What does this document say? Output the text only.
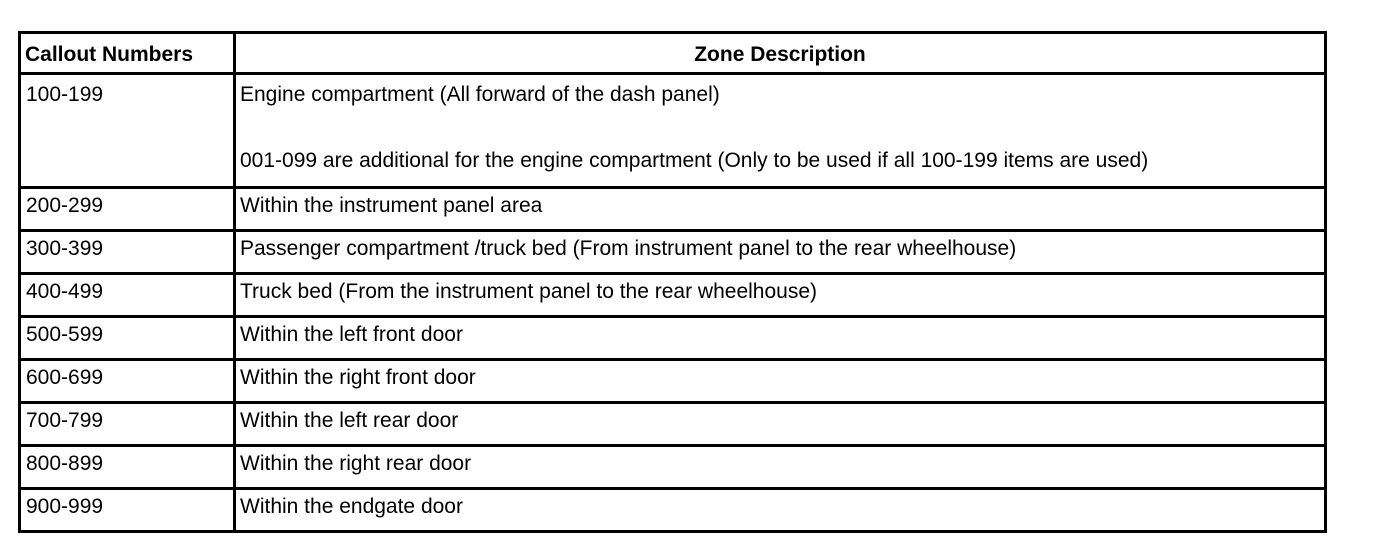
Callout Numbers	Zone Description
100-199	Engine compartment (All forward of the dash panel)
001-099 are additional for the engine compartment (Only to be used if all 100-199 items are used)

200-299	Within the instrument panel area
300-399	Passenger compartment /truck bed (From instrument panel to the rear wheelhouse)
400-499	Truck bed (From the instrument panel to the rear wheelhouse)
500-599	Within the left front door
600-699	Within the right front door
700-799	Within the left rear door
800-899	Within the right rear door
900-999	Within the endgate door
